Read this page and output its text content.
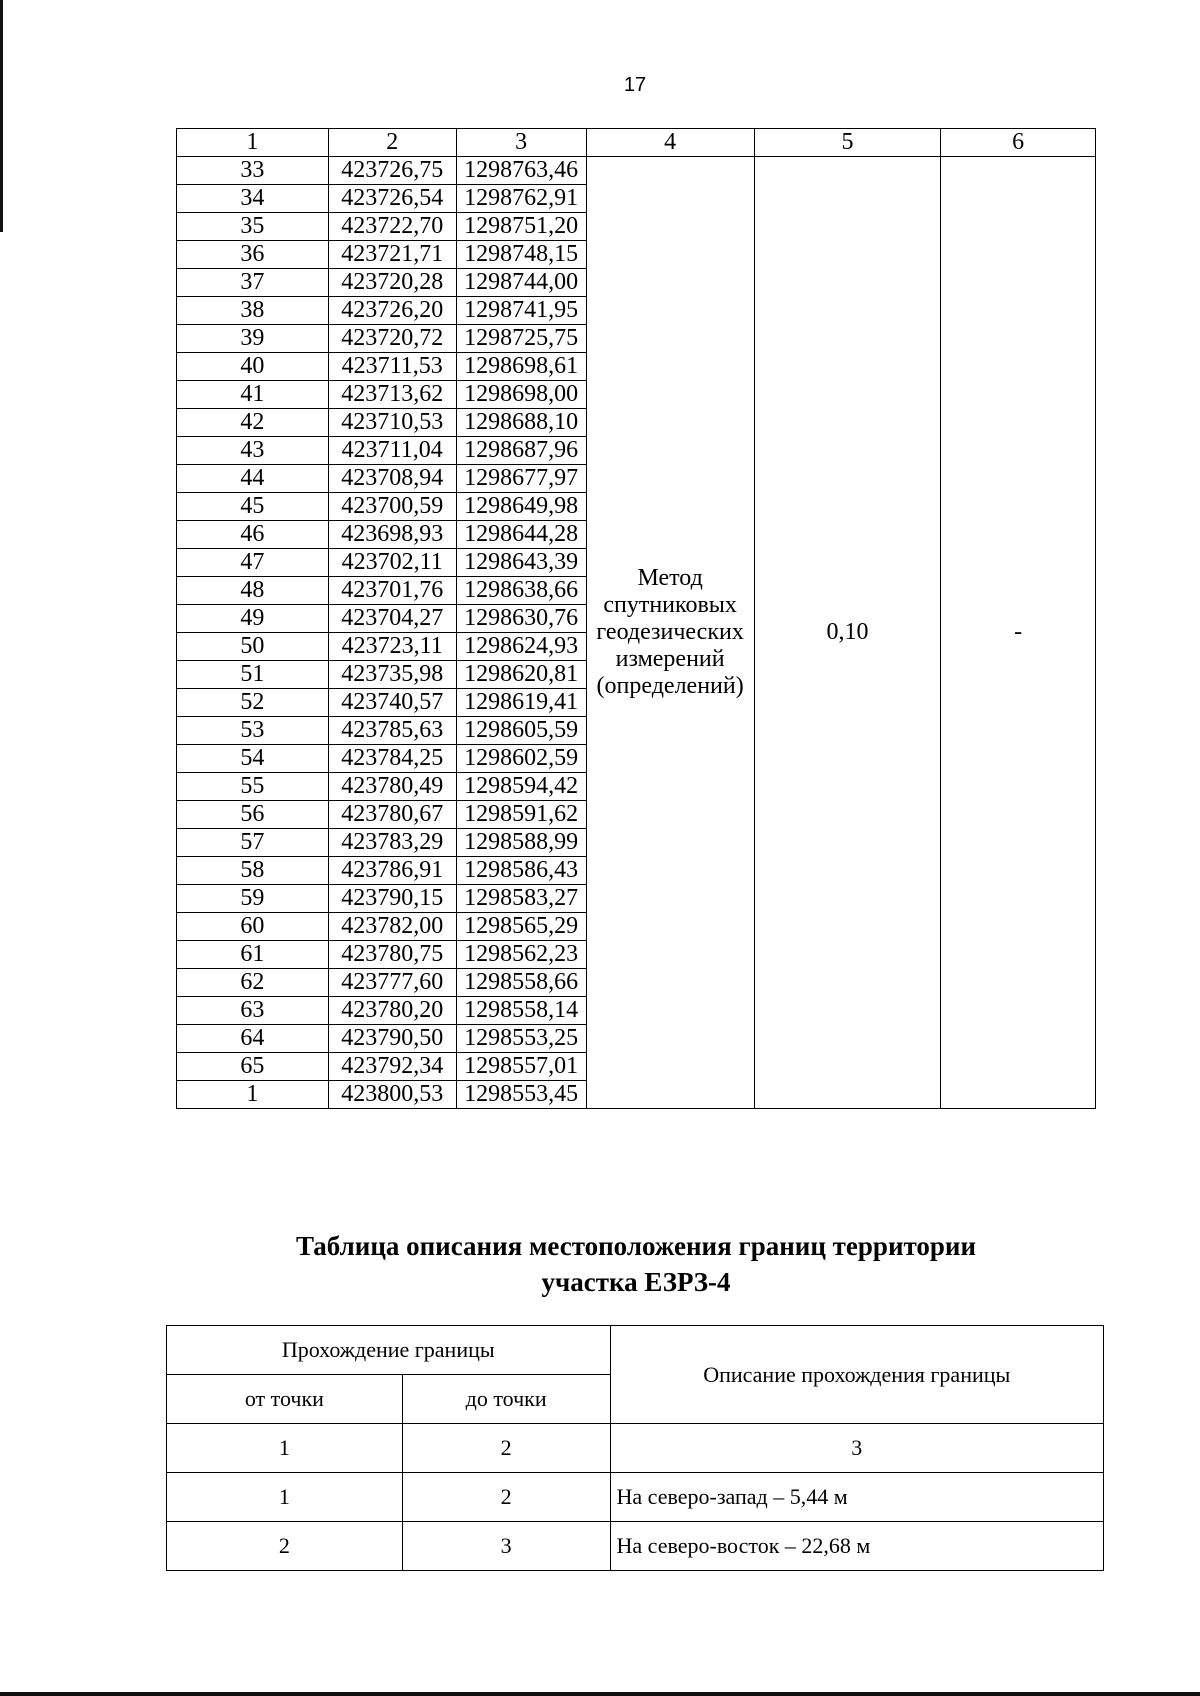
17
1	2	3	4	5	6
33	423726,75	1298763,46	Метод
спутниковых
геодезических
измерений
(определений)	0,10	-
34	423726,54	1298762,91			
35	423722,70	1298751,20			
36	423721,71	1298748,15			
37	423720,28	1298744,00			
38	423726,20	1298741,95			
39	423720,72	1298725,75			
40	423711,53	1298698,61			
41	423713,62	1298698,00			
42	423710,53	1298688,10			
43	423711,04	1298687,96			
44	423708,94	1298677,97			
45	423700,59	1298649,98			
46	423698,93	1298644,28			
47	423702,11	1298643,39			
48	423701,76	1298638,66			
49	423704,27	1298630,76			
50	423723,11	1298624,93			
51	423735,98	1298620,81			
52	423740,57	1298619,41			
53	423785,63	1298605,59			
54	423784,25	1298602,59			
55	423780,49	1298594,42			
56	423780,67	1298591,62			
57	423783,29	1298588,99			
58	423786,91	1298586,43			
59	423790,15	1298583,27			
60	423782,00	1298565,29			
61	423780,75	1298562,23			
62	423777,60	1298558,66			
63	423780,20	1298558,14			
64	423790,50	1298553,25			
65	423792,34	1298557,01			
1	423800,53	1298553,45			
Таблица описания местоположения границ территории
участка ЕЗРЗ-4
Прохождение границы		Описание прохождения границы
от точки	до точки	
1	2	3
1	2	На северо-запад – 5,44 м
2	3	На северо-восток – 22,68 м
